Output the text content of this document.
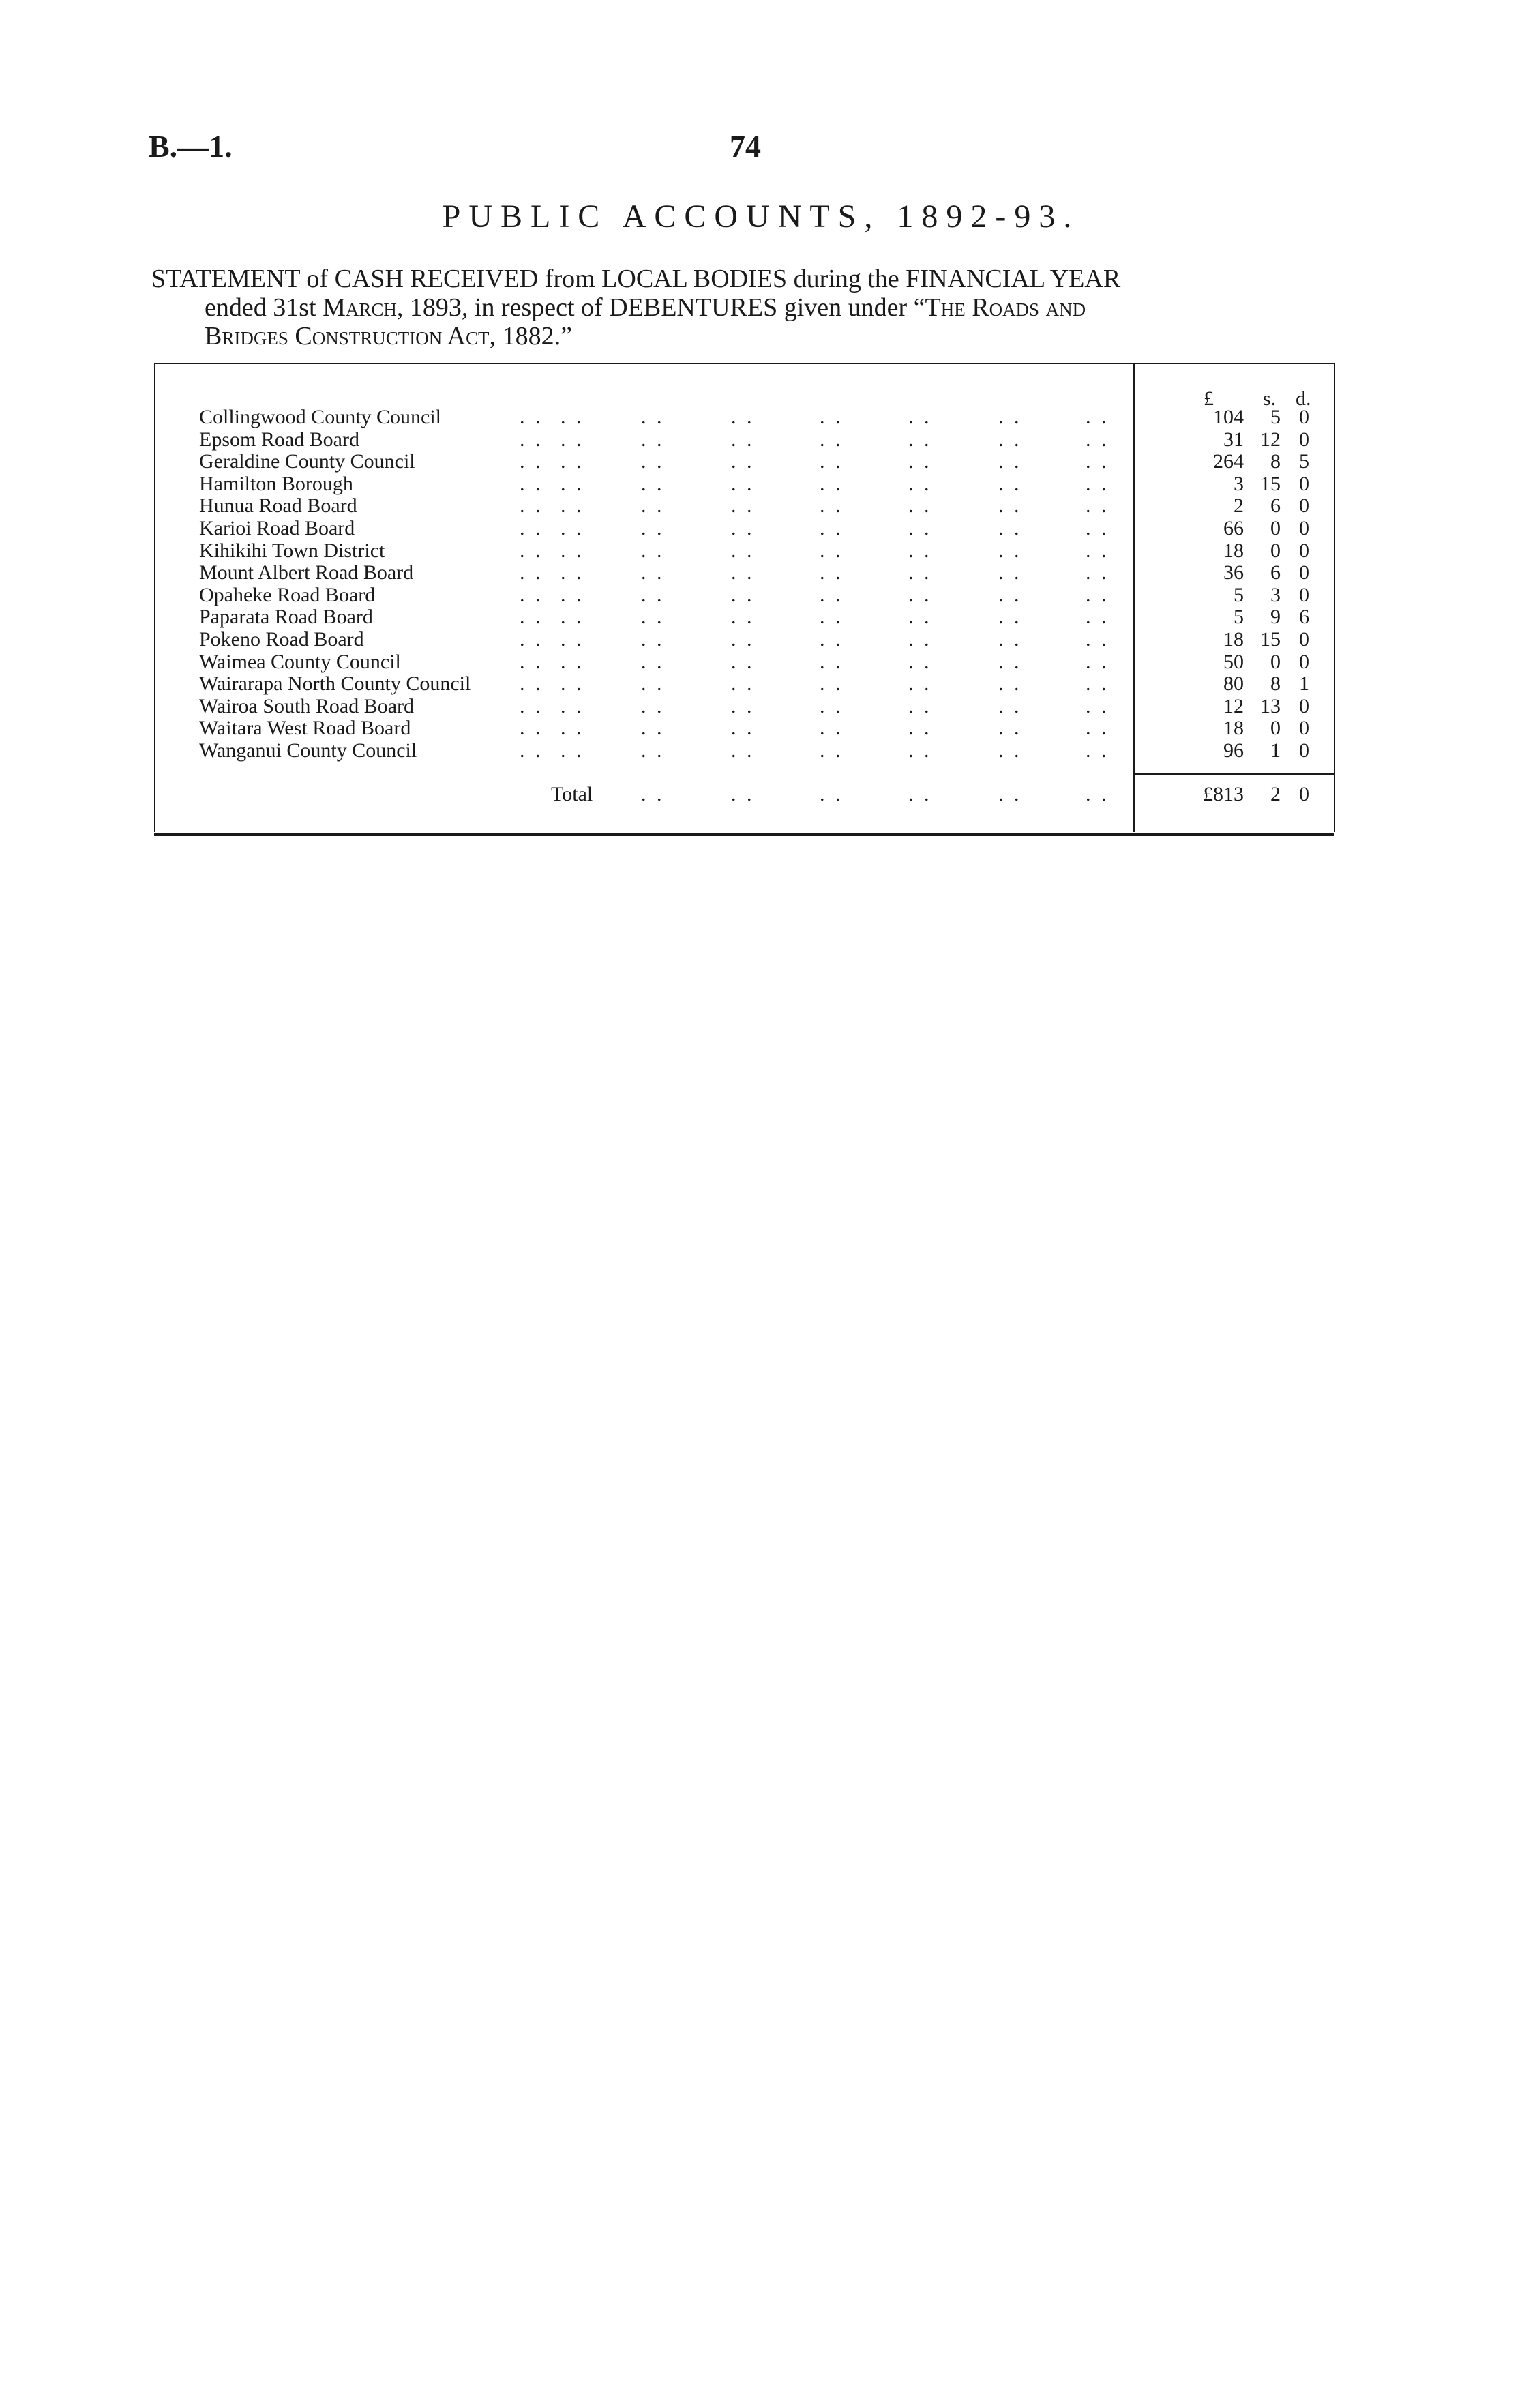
B.—1.	74
PUBLIC ACCOUNTS, 1892-93.
STATEMENT of CASH RECEIVED from LOCAL BODIES during the FINANCIAL YEAR
ended 31st March, 1893, in respect of DEBENTURES given under “The Roads and
Bridges Construction Act, 1882.”
£ s. d.
. . . .	. .	. .	. .	. .	. .	. .
Collingwood County Council	104	5 0
. . . .	. .	. .	. .	. .	. .	. .
Epsom Road Board	31 12 0
. . . .	. .	. .	. .	. .	. .	. .
Geraldine County Council	264	8 5
. . . .	. .	. .	. .	. .	. .	. .
Hamilton Borough	3 15 0
. . . .	. .	. .	. .	. .	. .	. .
Hunua Road Board	2	6 0
. . . .	. .	. .	. .	. .	. .	. .
Karioi Road Board	66	0 0
. . . .	. .	. .	. .	. .	. .	. .
Kihikihi Town District	18	0 0
. . . .	. .	. .	. .	. .	. .	. .
Mount Albert Road Board	36	6 0
. . . .	. .	. .	. .	. .	. .	. .
Opaheke Road Board	5	3 0
. . . .	. .	. .	. .	. .	. .	. .
Paparata Road Board	5	9 6
. . . .	. .	. .	. .	. .	. .	. .
Pokeno Road Board	18 15 0
. . . .	. .	. .	. .	. .	. .	. .
Waimea County Council	50	0 0
. . . .	. .	. .	. .	. .	. .	. .
Wairarapa North County Council	80	8 1
. . . .	. .	. .	. .	. .	. .	. .
Wairoa South Road Board	12 13 0
. . . .	. .	. .	. .	. .	. .	. .
Waitara West Road Board	18	0 0
. . . .	. .	. .	. .	. .	. .	. .
Wanganui County Council	96	1 0
. .	. .	. .	. .	. .	. .
Total	£813	2 0
